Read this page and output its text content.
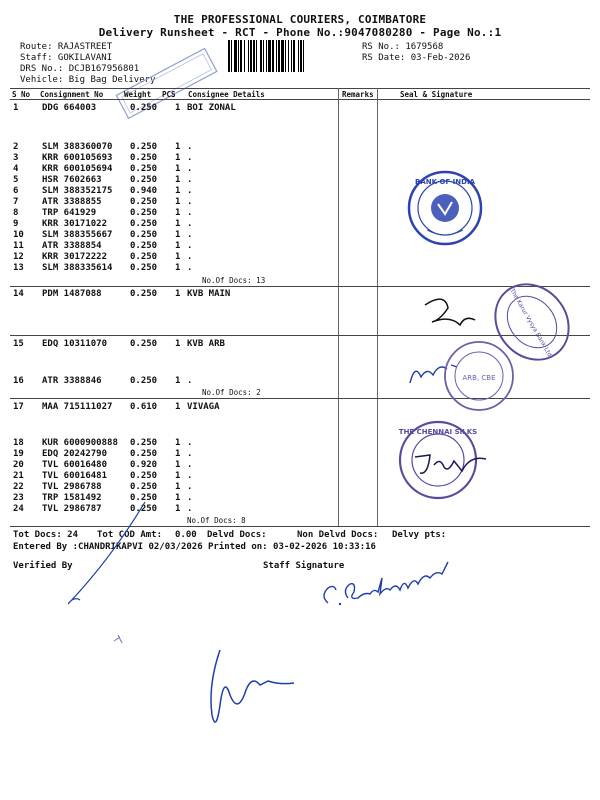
THE PROFESSIONAL COURIERS, COIMBATORE
Delivery Runsheet - RCT - Phone No.:9047080280 - Page No.:1
Route: RAJASTREET
Staff: GOKILAVANI
DRS No.: DCJB167956801
Vehicle: Big Bag Delivery
RS No.: 1679568
RS Date: 03-Feb-2026
S No Consignment No	Weight PCS Consignee Details	Remarks	Seal & Signature
1	DDG 664003	0.250 1 BOI ZONAL
2	SLM 388360070 0.250 1 .
3	KRR 600105693 0.250 1 .
4	KRR 600105694 0.250 1 .
5	HSR 7602663	0.250 1 .
6	SLM 388352175 0.940 1 .
7	ATR 3388855	0.250 1 .
8	TRP 641929	0.250 1 .
9	KRR 30171022	0.250 1 .
10 SLM 388355667 0.250 1 .
11 ATR 3388854	0.250 1 .
12 KRR 30172222	0.250 1 .
13 SLM 388335614 0.250 1 .
No.Of Docs: 13
14 PDM 1487088	0.250 1 KVB MAIN
15 EDQ 10311070	0.250 1 KVB ARB
16 ATR 3388846	0.250 1 .
No.Of Docs: 2
17 MAA 715111027 0.610 1 VIVAGA
18 KUR 6000900888 0.250 1 .
19 EDQ 20242790	0.250 1 .
20 TVL 60016480	0.920 1 .
21 TVL 60016481	0.250 1 .
22 TVL 2986788	0.250 1 .
23 TRP 1581492	0.250 1 .
24 TVL 2986787	0.250 1 .
No.Of Docs: 8
Tot Docs: 24 Tot COD Amt: 0.00 Delvd Docs:	Non Delvd Docs: Delvy pts:
Entered By :CHANDRIKAPVI 02/03/2026 Printed on: 03-02-2026 10:33:16
Verified By	Staff Signature
BANK OF INDIA
The Karur Vysya Bank Ltd
ARB, CBE
THE CHENNAI SILKS
